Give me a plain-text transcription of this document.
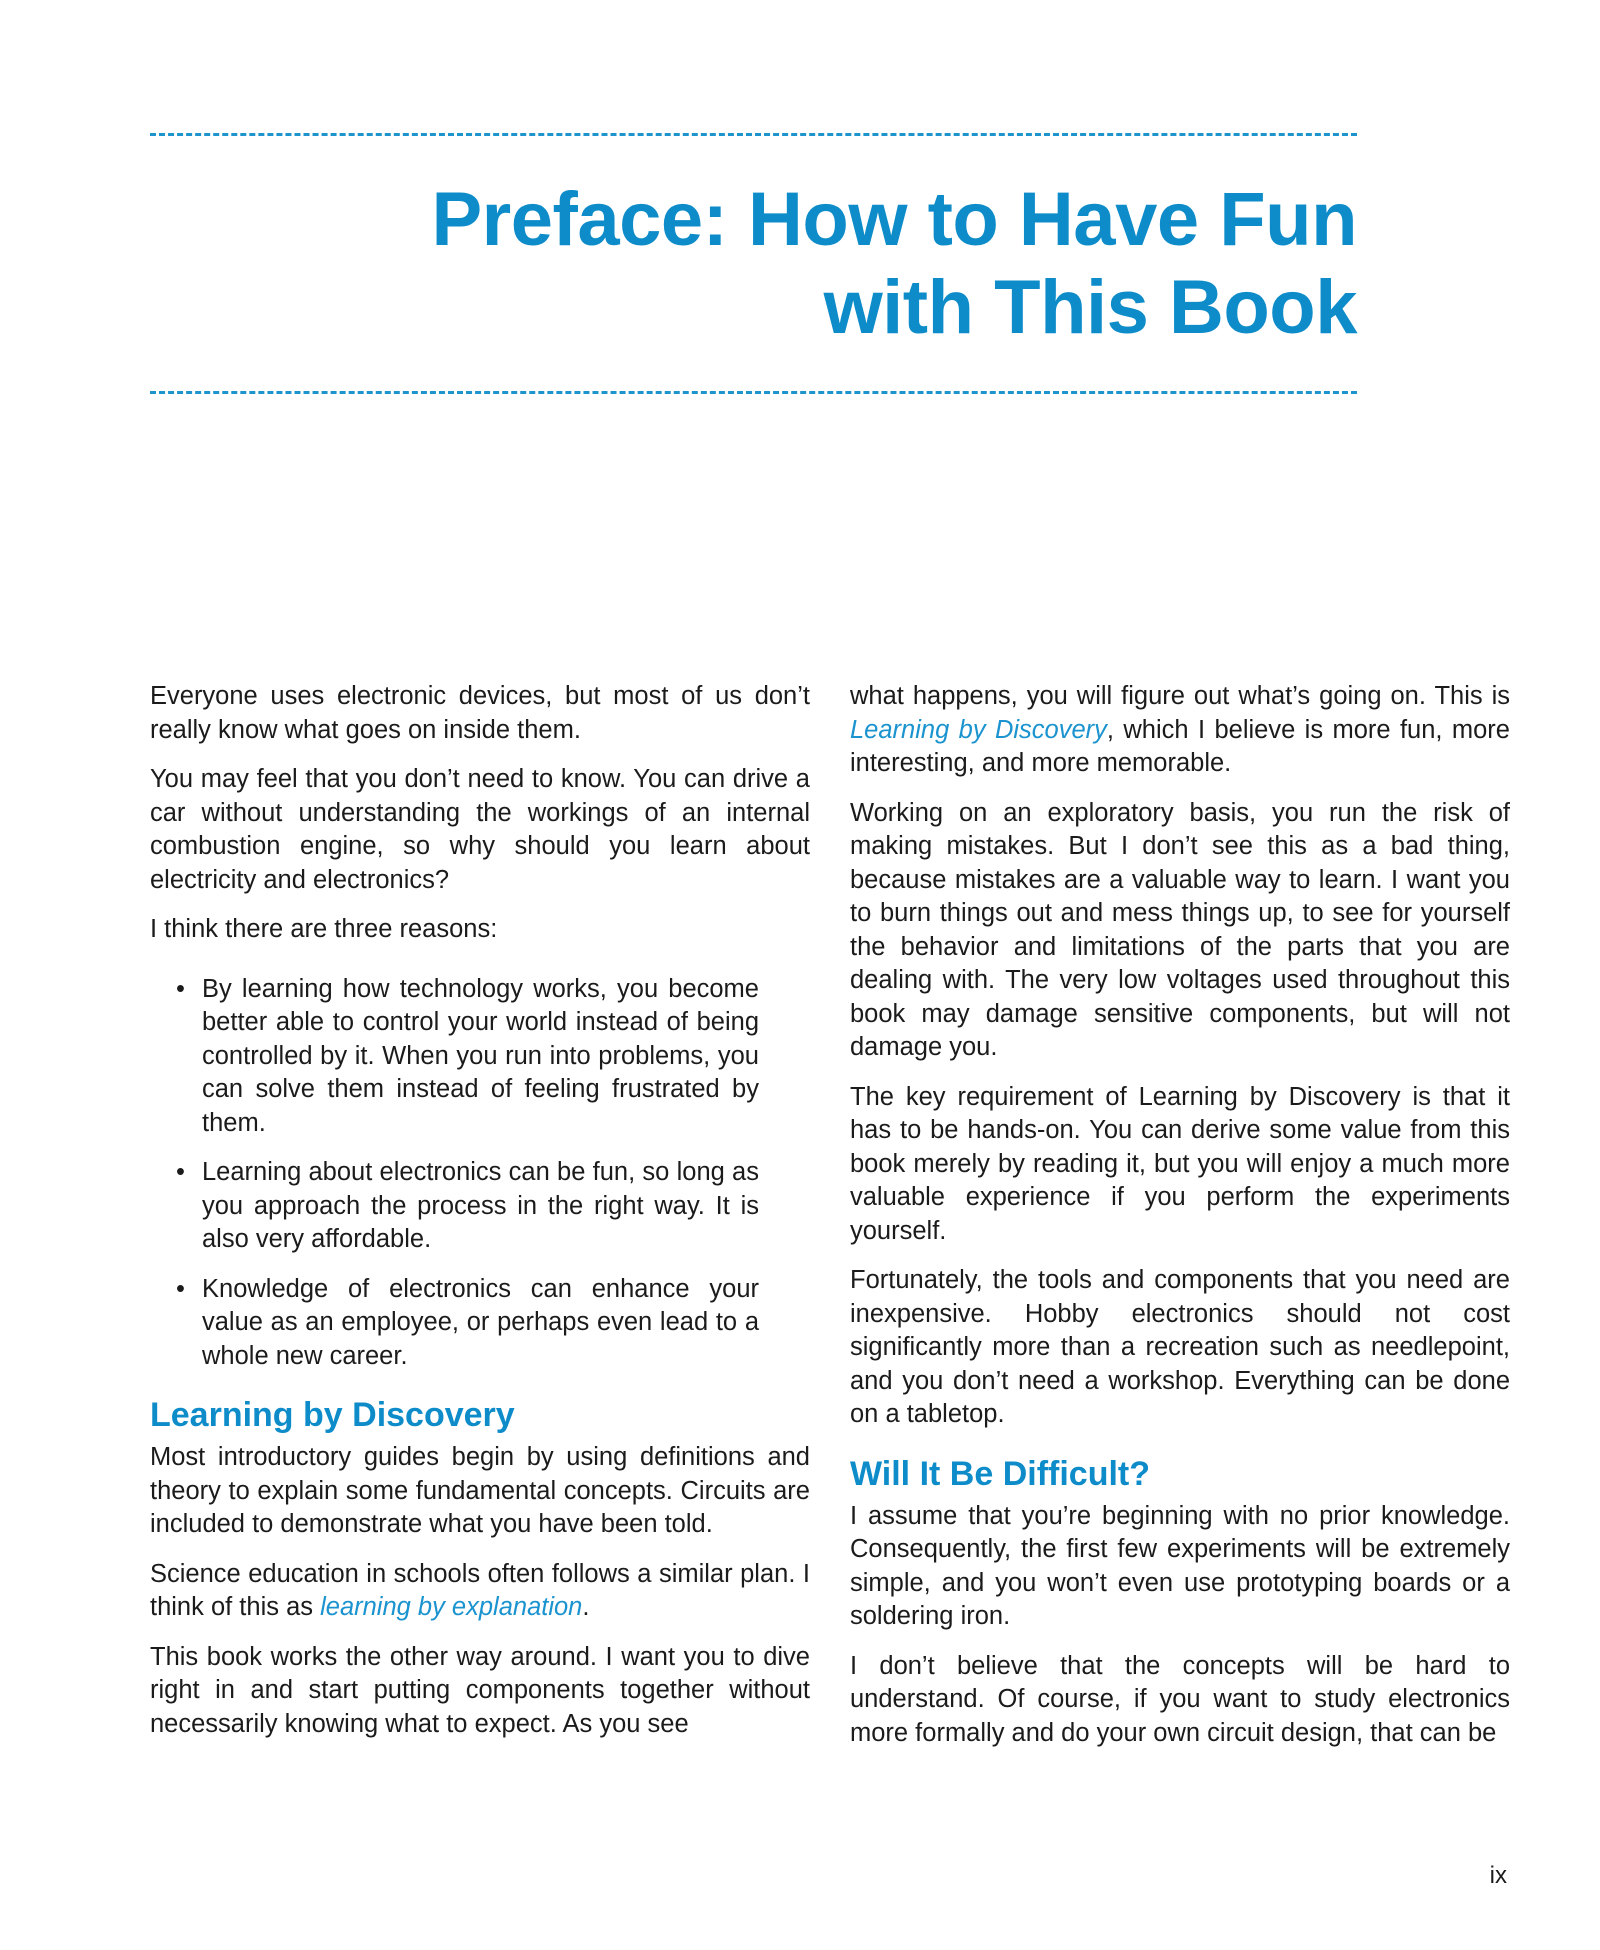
Preface: How to Have Fun
with This Book

Everyone uses electronic devices, but most of us don’t really know what goes on inside them.

You may feel that you don’t need to know. You can drive a car without understanding the workings of an internal combustion engine, so why should you learn about electricity and electronics?

I think there are three reasons:

• By learning how technology works, you become better able to control your world instead of being controlled by it. When you run into problems, you can solve them instead of feeling frustrated by them.
• Learning about electronics can be fun, so long as you approach the process in the right way. It is also very affordable.
• Knowledge of electronics can enhance your value as an employee, or perhaps even lead to a whole new career.
Learning by Discovery

Most introductory guides begin by using definitions and theory to explain some fundamental concepts. Circuits are included to demonstrate what you have been told.

Science education in schools often follows a similar plan. I think of this as learning by explanation.

This book works the other way around. I want you to dive right in and start putting components together without necessarily knowing what to expect. As you see

what happens, you will figure out what’s going on. This is Learning by Discovery, which I believe is more fun, more interesting, and more memorable.

Working on an exploratory basis, you run the risk of making mistakes. But I don’t see this as a bad thing, because mistakes are a valuable way to learn. I want you to burn things out and mess things up, to see for yourself the behavior and limitations of the parts that you are dealing with. The very low voltages used throughout this book may damage sensitive components, but will not damage you.

The key requirement of Learning by Discovery is that it has to be hands-on. You can derive some value from this book merely by reading it, but you will enjoy a much more valuable experience if you perform the experiments yourself.

Fortunately, the tools and components that you need are inexpensive. Hobby electronics should not cost significantly more than a recreation such as needlepoint, and you don’t need a workshop. Everything can be done on a tabletop.

Will It Be Difficult?

I assume that you’re beginning with no prior knowledge. Consequently, the first few experiments will be extremely simple, and you won’t even use prototyping boards or a soldering iron.

I don’t believe that the concepts will be hard to understand. Of course, if you want to study electronics more formally and do your own circuit design, that can be

ix
